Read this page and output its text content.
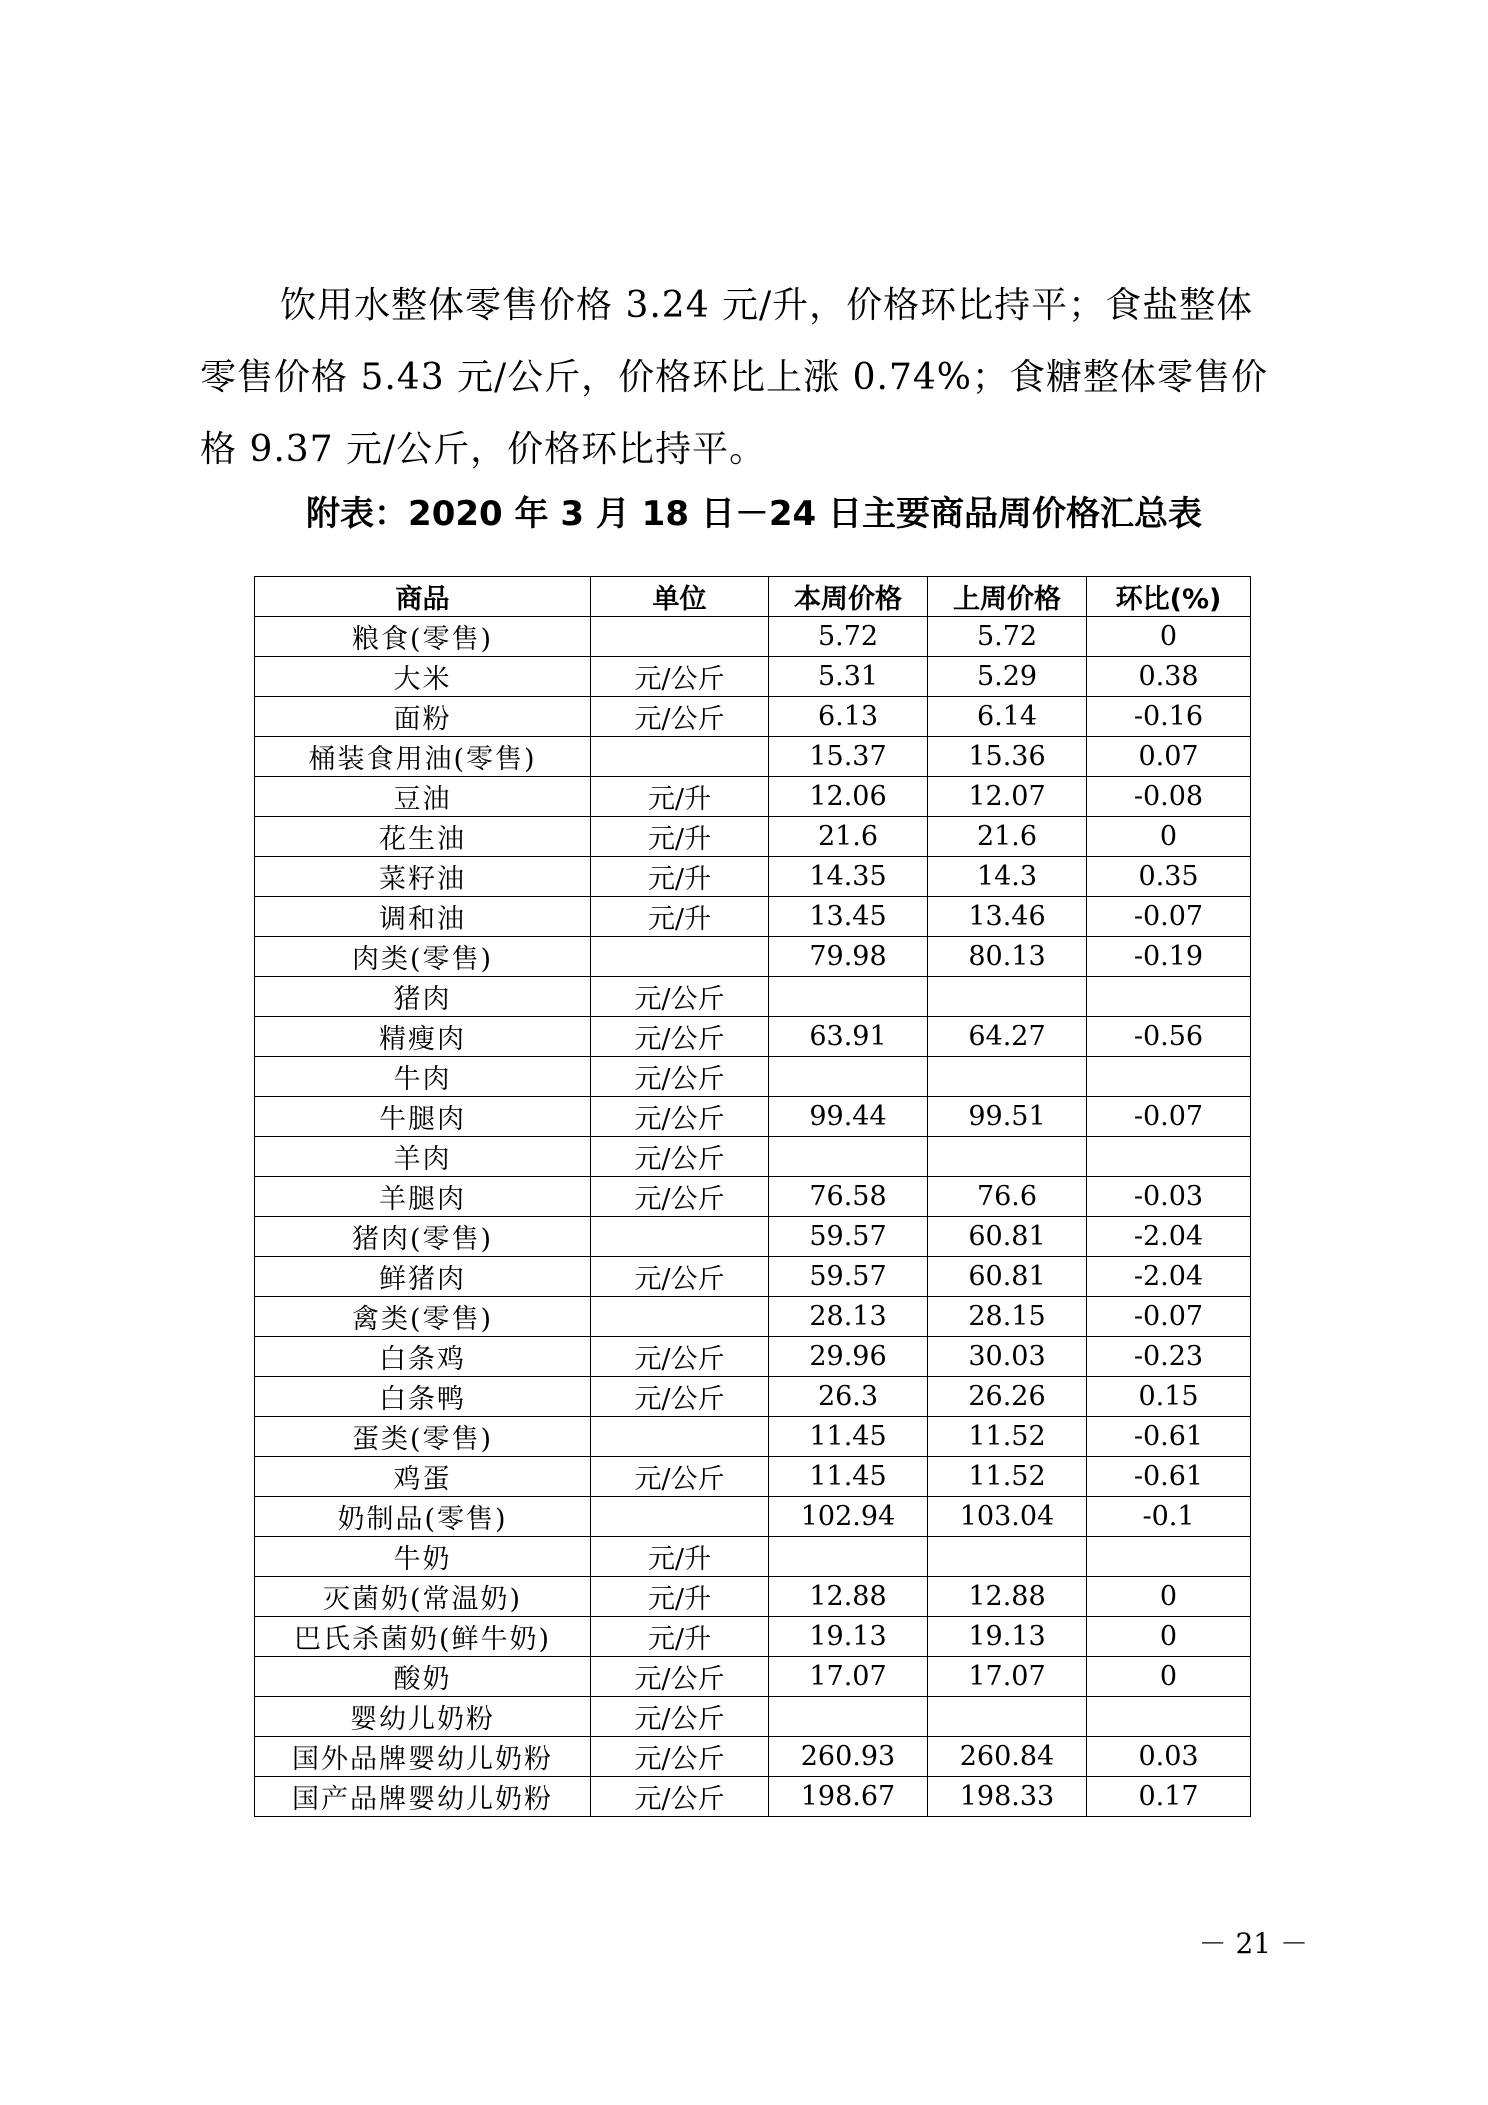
饮用水整体零售价格 3.24 元/升，价格环比持平；食盐整体
零售价格 5.43 元/公斤，价格环比上涨 0.74%；食糖整体零售价
格 9.37 元/公斤，价格环比持平。
附表：2020 年 3 月 18 日－24 日主要商品周价格汇总表
商品	单位	本周价格	上周价格	环比(%)
粮食(零售)		5.72	5.72	0
大米	元/公斤	5.31	5.29	0.38
面粉	元/公斤	6.13	6.14	-0.16
桶装食用油(零售)		15.37	15.36	0.07
豆油	元/升	12.06	12.07	-0.08
花生油	元/升	21.6	21.6	0
菜籽油	元/升	14.35	14.3	0.35
调和油	元/升	13.45	13.46	-0.07
肉类(零售)		79.98	80.13	-0.19
猪肉	元/公斤			
精瘦肉	元/公斤	63.91	64.27	-0.56
牛肉	元/公斤			
牛腿肉	元/公斤	99.44	99.51	-0.07
羊肉	元/公斤			
羊腿肉	元/公斤	76.58	76.6	-0.03
猪肉(零售)		59.57	60.81	-2.04
鲜猪肉	元/公斤	59.57	60.81	-2.04
禽类(零售)		28.13	28.15	-0.07
白条鸡	元/公斤	29.96	30.03	-0.23
白条鸭	元/公斤	26.3	26.26	0.15
蛋类(零售)		11.45	11.52	-0.61
鸡蛋	元/公斤	11.45	11.52	-0.61
奶制品(零售)		102.94	103.04	-0.1
牛奶	元/升			
灭菌奶(常温奶)	元/升	12.88	12.88	0
巴氏杀菌奶(鲜牛奶)	元/升	19.13	19.13	0
酸奶	元/公斤	17.07	17.07	0
婴幼儿奶粉	元/公斤			
国外品牌婴幼儿奶粉	元/公斤	260.93	260.84	0.03
国产品牌婴幼儿奶粉	元/公斤	198.67	198.33	0.17
－ 21 －
